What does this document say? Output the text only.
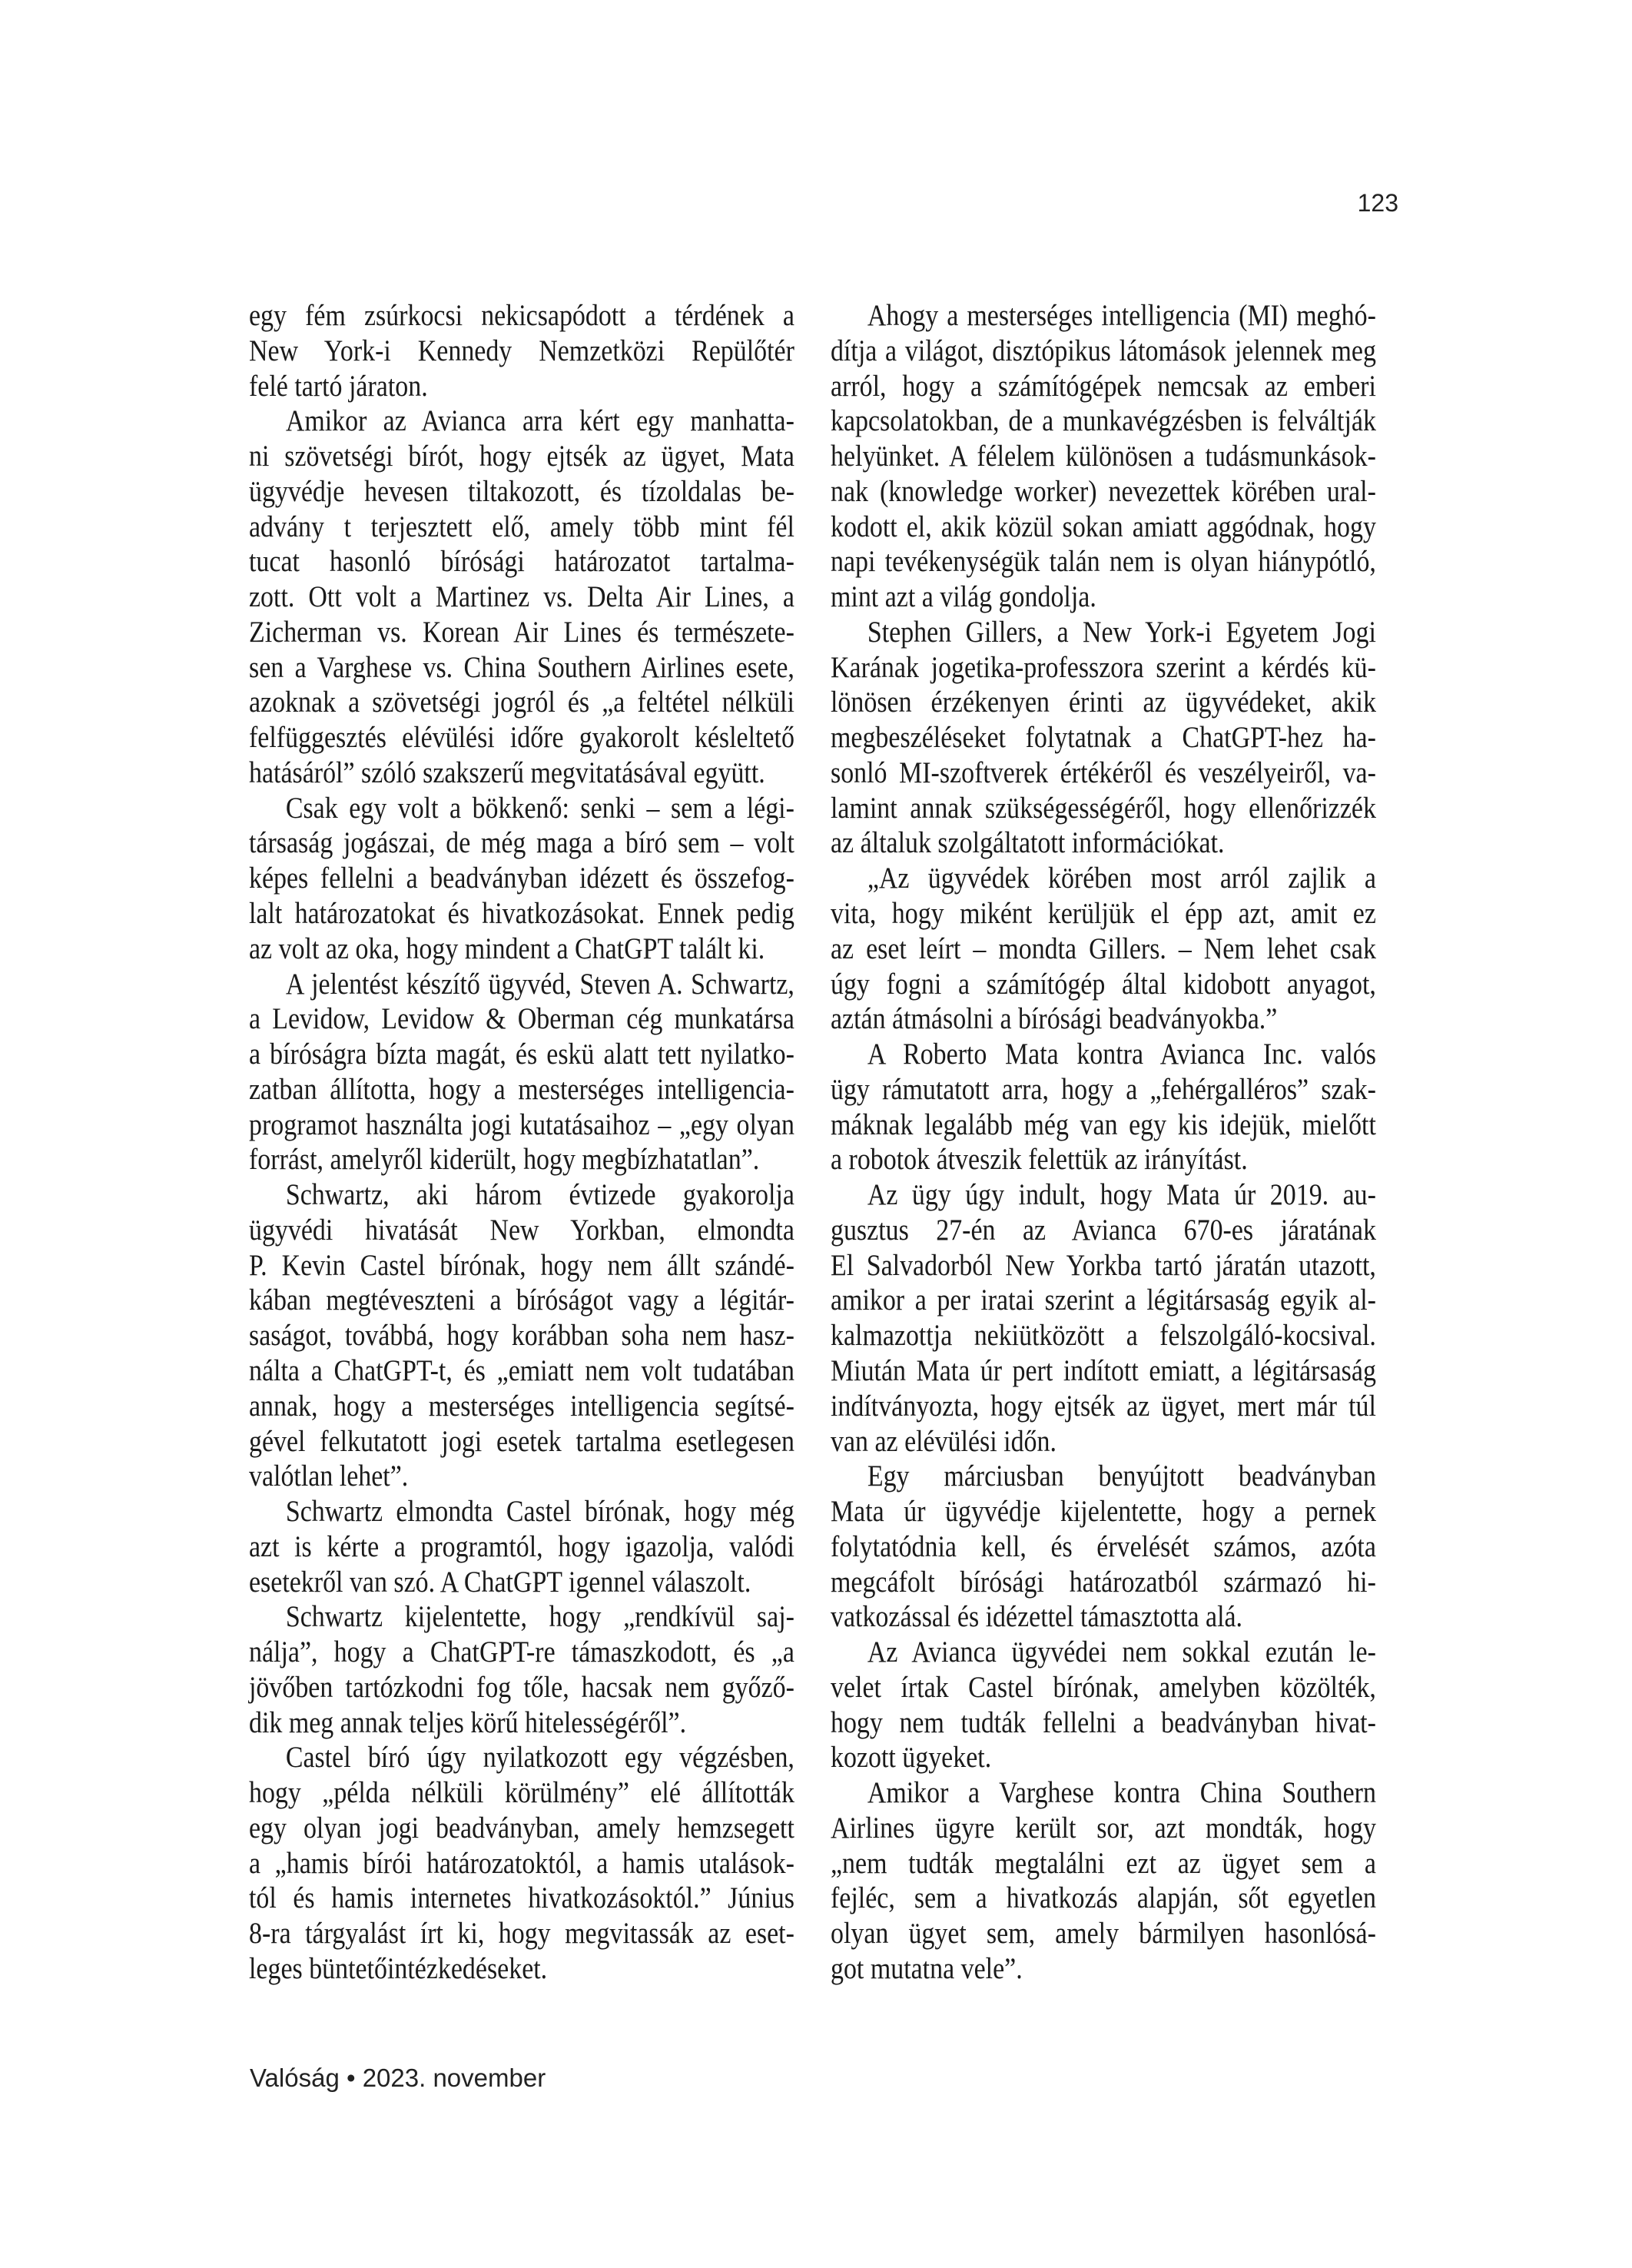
123
egy fém zsúrkocsi nekicsapódott a térdének a
New York-i Kennedy Nemzetközi Repülőtér
felé tartó járaton.
Amikor az Avianca arra kért egy manhatta-
ni szövetségi bírót, hogy ejtsék az ügyet, Mata
ügyvédje hevesen tiltakozott, és tízoldalas be-
advány t terjesztett elő, amely több mint fél
tucat hasonló bírósági határozatot tartalma-
zott. Ott volt a Martinez vs. Delta Air Lines, a
Zicherman vs. Korean Air Lines és természete-
sen a Varghese vs. China Southern Airlines esete,
azoknak a szövetségi jogról és „a feltétel nélküli
felfüggesztés elévülési időre gyakorolt késleltető
hatásáról” szóló szakszerű megvitatásával együtt.
Csak egy volt a bökkenő: senki – sem a légi-
társaság jogászai, de még maga a bíró sem – volt
képes fellelni a beadványban idézett és összefog-
lalt határozatokat és hivatkozásokat. Ennek pedig
az volt az oka, hogy mindent a ChatGPT talált ki.
A jelentést készítő ügyvéd, Steven A. Schwartz,
a Levidow, Levidow & Oberman cég munkatársa
a bíróságra bízta magát, és eskü alatt tett nyilatko-
zatban állította, hogy a mesterséges intelligencia-
programot használta jogi kutatásaihoz – „egy olyan
forrást, amelyről kiderült, hogy megbízhatatlan”.
Schwartz, aki három évtizede gyakorolja
ügyvédi hivatását New Yorkban, elmondta
P. Kevin Castel bírónak, hogy nem állt szándé-
kában megtéveszteni a bíróságot vagy a légitár-
saságot, továbbá, hogy korábban soha nem hasz-
nálta a ChatGPT-t, és „emiatt nem volt tudatában
annak, hogy a mesterséges intelligencia segítsé-
gével felkutatott jogi esetek tartalma esetlegesen
valótlan lehet”.
Schwartz elmondta Castel bírónak, hogy még
azt is kérte a programtól, hogy igazolja, valódi
esetekről van szó. A ChatGPT igennel válaszolt.
Schwartz kijelentette, hogy „rendkívül saj-
nálja”, hogy a ChatGPT-re támaszkodott, és „a
jövőben tartózkodni fog tőle, hacsak nem győző-
dik meg annak teljes körű hitelességéről”.
Castel bíró úgy nyilatkozott egy végzésben,
hogy „példa nélküli körülmény” elé állították
egy olyan jogi beadványban, amely hemzsegett
a „hamis bírói határozatoktól, a hamis utalások-
tól és hamis internetes hivatkozásoktól.” Június
8-ra tárgyalást írt ki, hogy megvitassák az eset-
leges büntetőintézkedéseket.
Ahogy a mesterséges intelligencia (MI) meghó-
dítja a világot, disztópikus látomások jelennek meg
arról, hogy a számítógépek nemcsak az emberi
kapcsolatokban, de a munkavégzésben is felváltják
helyünket. A félelem különösen a tudásmunkások-
nak (knowledge worker) nevezettek körében ural-
kodott el, akik közül sokan amiatt aggódnak, hogy
napi tevékenységük talán nem is olyan hiánypótló,
mint azt a világ gondolja.
Stephen Gillers, a New York-i Egyetem Jogi
Karának jogetika-professzora szerint a kérdés kü-
lönösen érzékenyen érinti az ügyvédeket, akik
megbeszéléseket folytatnak a ChatGPT-hez ha-
sonló MI-szoftverek értékéről és veszélyeiről, va-
lamint annak szükségességéről, hogy ellenőrizzék
az általuk szolgáltatott információkat.
„Az ügyvédek körében most arról zajlik a
vita, hogy miként kerüljük el épp azt, amit ez
az eset leírt – mondta Gillers. – Nem lehet csak
úgy fogni a számítógép által kidobott anyagot,
aztán átmásolni a bírósági beadványokba.”
A Roberto Mata kontra Avianca Inc. valós
ügy rámutatott arra, hogy a „fehérgalléros” szak-
máknak legalább még van egy kis idejük, mielőtt
a robotok átveszik felettük az irányítást.
Az ügy úgy indult, hogy Mata úr 2019. au-
gusztus 27-én az Avianca 670-es járatának
El Salvadorból New Yorkba tartó járatán utazott,
amikor a per iratai szerint a légitársaság egyik al-
kalmazottja nekiütközött a felszolgáló-kocsival.
Miután Mata úr pert indított emiatt, a légitársaság
indítványozta, hogy ejtsék az ügyet, mert már túl
van az elévülési időn.
Egy márciusban benyújtott beadványban
Mata úr ügyvédje kijelentette, hogy a pernek
folytatódnia kell, és érvelését számos, azóta
megcáfolt bírósági határozatból származó hi-
vatkozással és idézettel támasztotta alá.
Az Avianca ügyvédei nem sokkal ezután le-
velet írtak Castel bírónak, amelyben közölték,
hogy nem tudták fellelni a beadványban hivat-
kozott ügyeket.
Amikor a Varghese kontra China Southern
Airlines ügyre került sor, azt mondták, hogy
„nem tudták megtalálni ezt az ügyet sem a
fejléc, sem a hivatkozás alapján, sőt egyetlen
olyan ügyet sem, amely bármilyen hasonlósá-
got mutatna vele”.
Valóság • 2023. november
